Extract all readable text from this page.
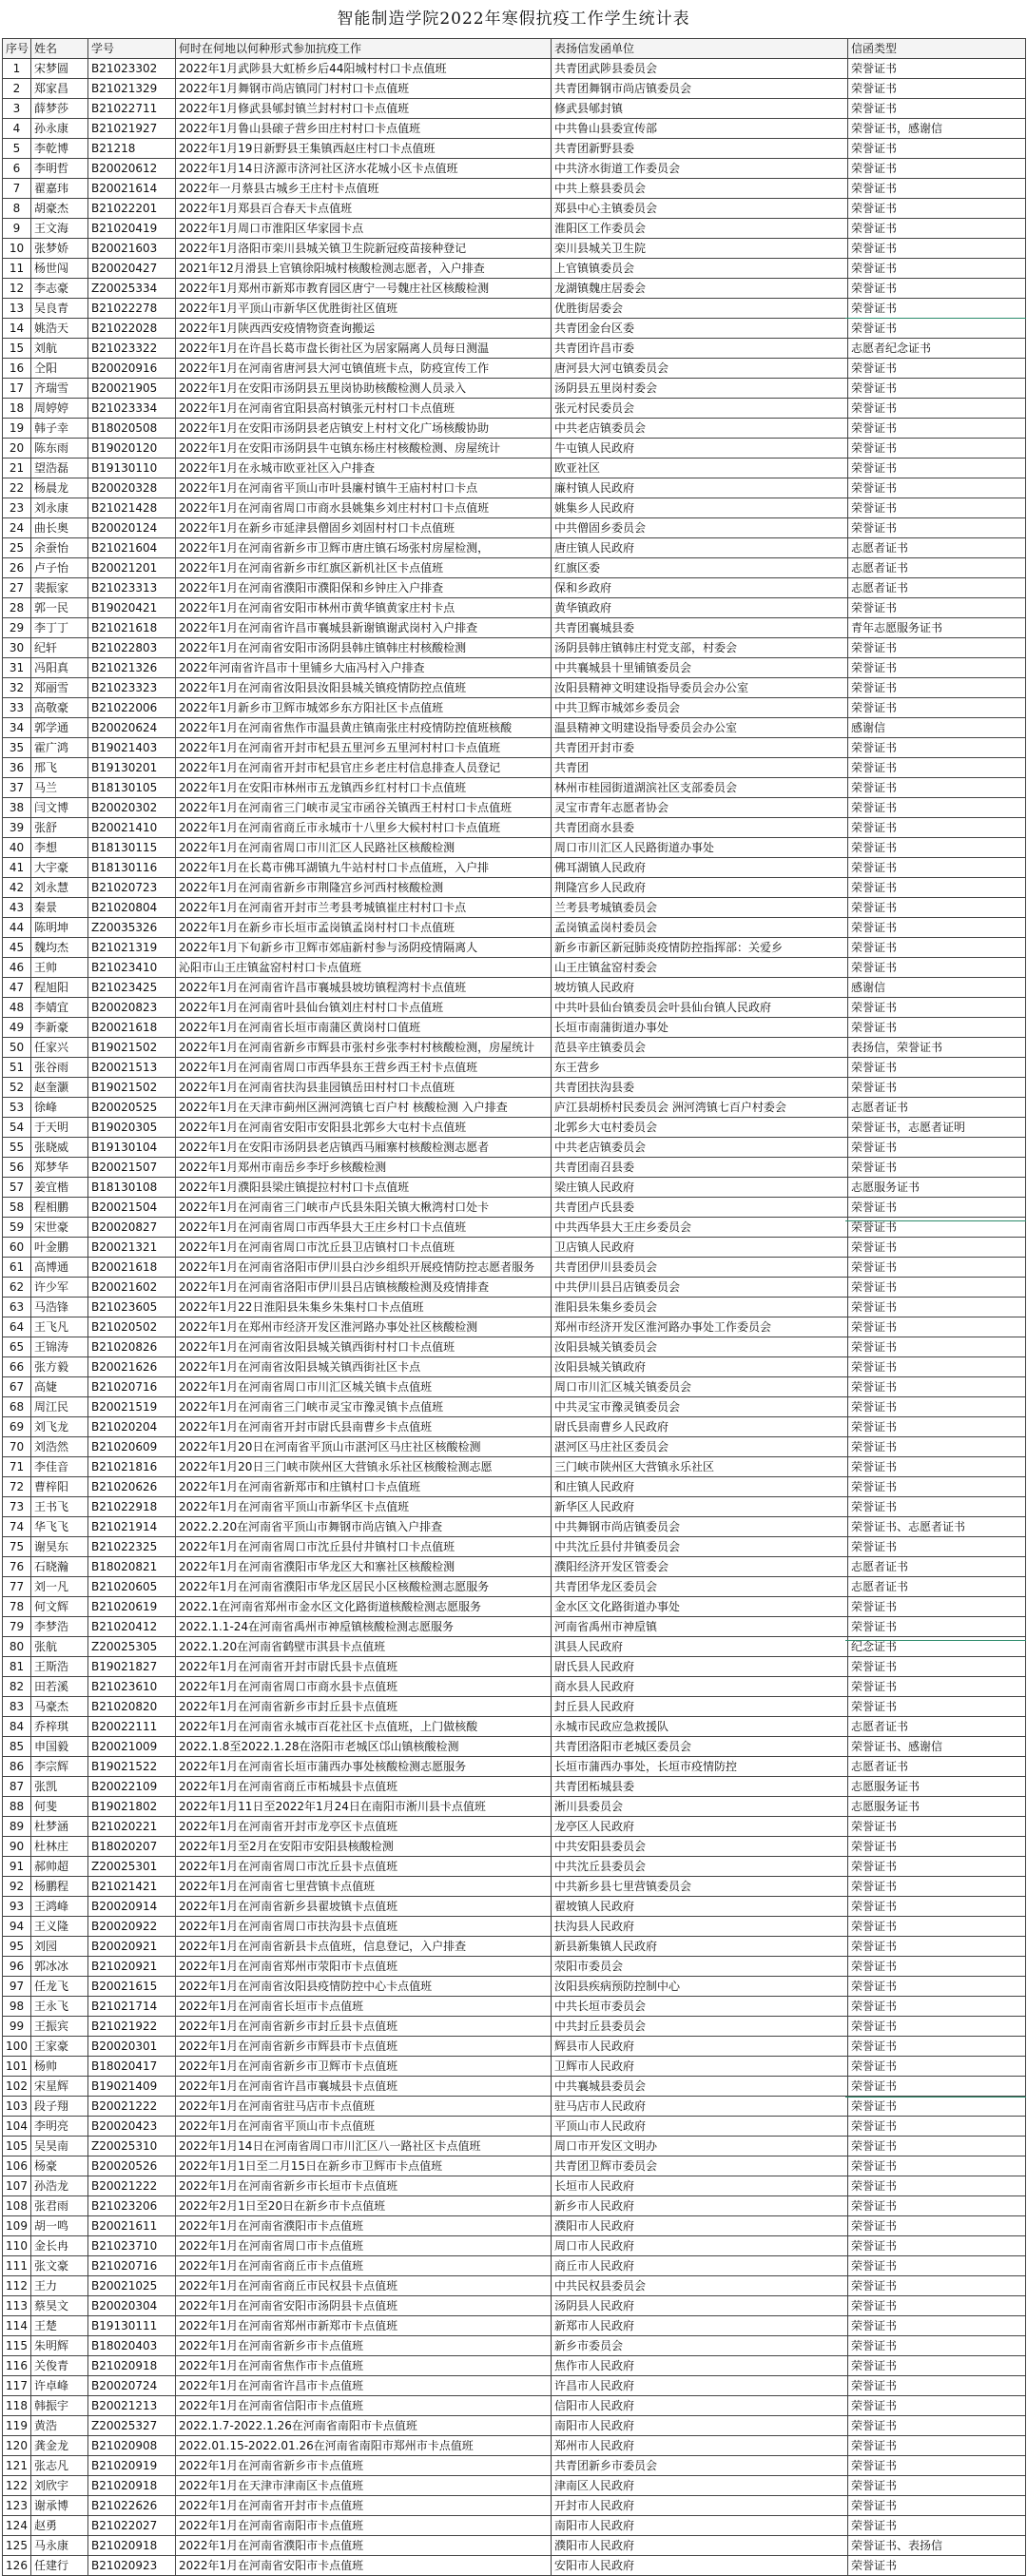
智能制造学院2022年寒假抗疫工作学生统计表
序号	姓名	学号	何时在何地以何种形式参加抗疫工作	表扬信发函单位	信函类型
1	宋梦圆	B21023302	2022年1月武陟县大虹桥乡后44阳城村村口卡点值班	共青团武陟县委员会	荣誉证书
2	郑家昌	B21021329	2022年1月舞钢市尚店镇同门村村口卡点值班	共青团舞钢市尚店镇委员会	荣誉证书
3	薛梦莎	B21022711	2022年1月修武县郇封镇兰封村村口卡点值班	修武县郇封镇	荣誉证书
4	孙永康	B21021927	2022年1月鲁山县磙子营乡田庄村村口卡点值班	中共鲁山县委宣传部	荣誉证书，感谢信
5	李乾博	B21218	2022年1月19日新野县王集镇西赵庄村口卡点值班	共青团新野县委	荣誉证书
6	李明哲	B20020612	2022年1月14日济源市济河社区济水花城小区卡点值班	中共济水街道工作委员会	荣誉证书
7	翟嘉玮	B20021614	2022年一月蔡县古城乡王庄村卡点值班	中共上蔡县委员会	荣誉证书
8	胡豪杰	B21022201	2022年1月郑县百合春天卡点值班	郑县中心主镇委员会	荣誉证书
9	王文海	B21020419	2022年1月周口市淮阳区华家园卡点	淮阳区工作委员会	荣誉证书
10	张梦娇	B20021603	2022年1月洛阳市栾川县城关镇卫生院新冠疫苗接种登记	栾川县城关卫生院	荣誉证书
11	杨世闯	B20020427	2021年12月滑县上官镇徐阳城村核酸检测志愿者，入户排查	上官镇镇委员会	荣誉证书
12	李志豪	Z20025334	2022年1月郑州市新郑市教育园区唐宁一号魏庄社区核酸检测	龙湖镇魏庄居委会	荣誉证书
13	吴良青	B21022278	2022年1月平顶山市新华区优胜街社区值班	优胜街居委会	荣誉证书
14	姚浩天	B21022028	2022年1月陕西西安疫情物资查询搬运	共青团金台区委	荣誉证书
15	刘航	B21023322	2022年1月在许昌长葛市盘长街社区为居家隔离人员每日测温	共青团许昌市委	志愿者纪念证书
16	仝阳	B20020916	2022年1月在河南省唐河县大河屯镇值班卡点，防疫宣传工作	唐河县大河屯镇委员会	荣誉证书
17	齐瑞雪	B20021905	2022年1月在安阳市汤阴县五里岗协助核酸检测人员录入	汤阴县五里岗村委会	荣誉证书
18	周婷婷	B21023334	2022年1月在河南省宜阳县高村镇张元村村口卡点值班	张元村民委员会	荣誉证书
19	韩子幸	B18020508	2022年1月在安阳市汤阴县老店镇安上村村文化广场核酸协助	中共老店镇委员会	荣誉证书
20	陈东雨	B19020120	2022年1月在安阳市汤阴县牛屯镇东杨庄村核酸检测、房屋统计	牛屯镇人民政府	荣誉证书
21	望浩磊	B19130110	2022年1月在永城市欧亚社区入户排查	欧亚社区	荣誉证书
22	杨晨龙	B20020328	2022年1月在河南省平顶山市叶县廉村镇牛王庙村村口卡点	廉村镇人民政府	荣誉证书
23	刘永康	B21021428	2022年1月在河南省周口市商水县姚集乡刘庄村村口卡点值班	姚集乡人民政府	荣誉证书
24	曲长奥	B20020124	2022年1月在新乡市延津县僧固乡刘固村村口卡点值班	中共僧固乡委员会	荣誉证书
25	余蚕怡	B21021604	2022年1月在河南省新乡市卫辉市唐庄镇石场张村房屋检测，	唐庄镇人民政府	志愿者证书
26	卢子怡	B20021201	2022年1月在河南省新乡市红旗区新机社区卡点值班	红旗区委	志愿者证书
27	裴振家	B21023313	2022年1月在河南省濮阳市濮阳保和乡钟庄入户排查	保和乡政府	志愿者证书
28	郭一民	B19020421	2022年1月在河南省安阳市林州市黄华镇黄家庄村卡点	黄华镇政府	荣誉证书
29	李丁丁	B21021618	2022年1月在河南省许昌市襄城县新谢镇谢武岗村入户排查	共青团襄城县委	青年志愿服务证书
30	纪轩	B21022803	2022年1月在河南省安阳市汤阴县韩庄镇韩庄村核酸检测	汤阴县韩庄镇韩庄村党支部，村委会	荣誉证书
31	冯阳真	B21021326	2022年河南省许昌市十里铺乡大庙冯村入户排查	中共襄城县十里铺镇委员会	荣誉证书
32	郑丽雪	B21023323	2022年1月在河南省汝阳县汝阳县城关镇疫情防控点值班	汝阳县精神文明建设指导委员会办公室	荣誉证书
33	高敬豪	B21022006	2022年1月新乡市卫辉市城郊乡东方阳社区卡点值班	中共卫辉市城郊乡委员会	荣誉证书
34	郭学通	B20020624	2022年1月在河南省焦作市温县黄庄镇南张庄村疫情防控值班核酸	温县精神文明建设指导委员会办公室	感谢信
35	霍广鸿	B19021403	2022年1月在河南省开封市杞县五里河乡五里河村村口卡点值班	共青团开封市委	荣誉证书
36	邢飞	B19130201	2022年1月在河南省开封市杞县官庄乡老庄村信息排查人员登记	共青团	荣誉证书
37	马兰	B18130105	2022年1月在安阳市林州市五龙镇西乡红村村口卡点值班	林州市桂园街道湖滨社区支部委员会	荣誉证书
38	闫文博	B20020302	2022年1月在河南省三门峡市灵宝市函谷关镇西王村村口卡点值班	灵宝市青年志愿者协会	荣誉证书
39	张舒	B20021410	2022年1月在河南省商丘市永城市十八里乡大候村村口卡点值班	共青团商水县委	荣誉证书
40	李想	B18130115	2022年1月在河南省周口市川汇区人民路社区核酸检测	周口市川汇区人民路街道办事处	荣誉证书
41	大宇豪	B18130116	2022年1月在长葛市佛耳湖镇九牛站村村口卡点值班，入户排	佛耳湖镇人民政府	荣誉证书
42	刘永慧	B21020723	2022年1月在河南省新乡市荆隆宫乡河西村核酸检测	荆隆宫乡人民政府	荣誉证书
43	秦景	B21020804	2022年1月在河南省开封市兰考县考城镇崔庄村村口卡点	兰考县考城镇委员会	荣誉证书
44	陈明坤	Z20035326	2022年1月在新乡市长垣市孟岗镇孟岗村村口卡点值班	孟岗镇孟岗村委员会	荣誉证书
45	魏均杰	B21021319	2022年1月下旬新乡市卫辉市郊庙新村参与汤阴疫情隔离人	新乡市新区新冠肺炎疫情防控指挥部：关爱乡	荣誉证书
46	王帅	B21023410	沁阳市山王庄镇盆窑村村口卡点值班	山王庄镇盆窑村委会	荣誉证书
47	程旭阳	B21023425	2022年1月在河南省许昌市襄城县坡坊镇程湾村卡点值班	坡坊镇人民政府	感谢信
48	李婧宜	B20020823	2022年1月在河南省叶县仙台镇刘庄村村口卡点值班	中共叶县仙台镇委员会叶县仙台镇人民政府	荣誉证书
49	李新豪	B20021618	2022年1月在河南省长垣市南蒲区黄岗村口值班	长垣市南蒲街道办事处	荣誉证书
50	任家兴	B19021502	2022年1月在河南省新乡市辉县市张村乡张李村村核酸检测，房屋统计	范县辛庄镇委员会	表扬信，荣誉证书
51	张谷雨	B20021513	2022年1月在河南省周口市西华县东王营乡西王村卡点值班	东王营乡	荣誉证书
52	赵奎灏	B19021502	2022年1月在河南省扶沟县韭园镇岳田村村口卡点值班	共青团扶沟县委	荣誉证书
53	徐峰	B20020525	2022年1月在天津市蓟州区洲河湾镇七百户村 核酸检测 入户排查	庐江县胡桥村民委员会 洲河湾镇七百户村委会	志愿者证书
54	于天明	B19020305	2022年1月在河南省安阳市安阳县北郭乡大屯村卡点值班	北郭乡大屯村委员会	荣誉证书，志愿者证明
55	张晓威	B19130104	2022年1月在安阳市汤阴县老店镇西马厢寨村核酸检测志愿者	中共老店镇委员会	荣誉证书
56	郑梦华	B20021507	2022年1月郑州市南岳乡李圩乡核酸检测	共青团南召县委	荣誉证书
57	姜宜楷	B18130108	2022年1月濮阳县梁庄镇提拉村村口卡点值班	梁庄镇人民政府	志愿服务证书
58	程相鹏	B20021504	2022年1月在河南省三门峡市卢氏县朱阳关镇大楸湾村口处卡	共青团卢氏县委	荣誉证书
59	宋世豪	B20020827	2022年1月在河南省周口市西华县大王庄乡村口卡点值班	中共西华县大王庄乡委员会	荣誉证书
60	叶金鹏	B20021321	2022年1月在河南省周口市沈丘县卫店镇村口卡点值班	卫店镇人民政府	荣誉证书
61	高博通	B20021618	2022年1月在河南省洛阳市伊川县白沙乡组织开展疫情防控志愿者服务	共青团伊川县委员会	荣誉证书
62	许少军	B20021602	2022年1月在河南省洛阳市伊川县吕店镇核酸检测及疫情排查	中共伊川县吕店镇委员会	荣誉证书
63	马浩锋	B21023605	2022年1月22日淮阳县朱集乡朱集村口卡点值班	淮阳县朱集乡委员会	荣誉证书
64	王飞凡	B21020502	2022年1月在郑州市经济开发区淮河路办事处社区核酸检测	郑州市经济开发区淮河路办事处工作委员会	荣誉证书
65	王锦涛	B21020826	2022年1月在河南省汝阳县城关镇西街村村口卡点值班	汝阳县城关镇委员会	荣誉证书
66	张方毅	B20021626	2022年1月在河南省汝阳县城关镇西街社区卡点	汝阳县城关镇政府	荣誉证书
67	高婕	B21020716	2022年1月在河南省周口市川汇区城关镇卡点值班	周口市川汇区城关镇委员会	荣誉证书
68	周江民	B20021519	2022年1月在河南省三门峡市灵宝市豫灵镇卡点值班	中共灵宝市豫灵镇委员会	荣誉证书
69	刘飞龙	B21020204	2022年1月在河南省开封市尉氏县南曹乡卡点值班	尉氏县南曹乡人民政府	荣誉证书
70	刘浩然	B21020609	2022年1月20日在河南省平顶山市湛河区马庄社区核酸检测	湛河区马庄社区委员会	荣誉证书
71	李佳音	B21021816	2022年1月20日三门峡市陕州区大营镇永乐社区核酸检测志愿	三门峡市陕州区大营镇永乐社区	荣誉证书
72	曹梓阳	B21020626	2022年1月在河南省新郑市和庄镇村口卡点值班	和庄镇人民政府	荣誉证书
73	王书飞	B21022918	2022年1月在河南省平顶山市新华区卡点值班	新华区人民政府	荣誉证书
74	华飞飞	B21021914	2022.2.20在河南省平顶山市舞钢市尚店镇入户排查	中共舞钢市尚店镇委员会	荣誉证书、志愿者证书
75	谢昊东	B21022325	2022年1月在河南省周口市沈丘县付井镇村口卡点值班	中共沈丘县付井镇委员会	荣誉证书
76	石晓瀚	B18020821	2022年1月在河南省濮阳市华龙区大和寨社区核酸检测	濮阳经济开发区管委会	志愿者证书
77	刘一凡	B21020605	2022年1月在河南省濮阳市华龙区居民小区核酸检测志愿服务	共青团华龙区委员会	志愿者证书
78	何文辉	B21020619	2022.1在河南省郑州市金水区文化路街道核酸检测志愿服务	金水区文化路街道办事处	荣誉证书
79	李梦浩	B21020412	2022.1.1-24在河南省禹州市神垕镇核酸检测志愿服务	河南省禹州市神垕镇	荣誉证书
80	张航	Z20025305	2022.1.20在河南省鹤壁市淇县卡点值班	淇县人民政府	纪念证书
81	王斯浩	B19021827	2022年1月在河南省开封市尉氏县卡点值班	尉氏县人民政府	荣誉证书
82	田若溪	B21023610	2022年1月在河南省周口市商水县卡点值班	商水县人民政府	荣誉证书
83	马豪杰	B21020820	2022年1月在河南省新乡市封丘县卡点值班	封丘县人民政府	荣誉证书
84	乔梓琪	B20022111	2022年1月在河南省永城市百花社区卡点值班，上门做核酸	永城市民政应急救援队	志愿者证书
85	申国毅	B20021009	2022.1.8至2022.1.28在洛阳市老城区邙山镇核酸检测	共青团洛阳市老城区委员会	荣誉证书、感谢信
86	李宗辉	B19021522	2022年1月在河南省长垣市蒲西办事处核酸检测志愿服务	长垣市蒲西办事处，长垣市疫情防控	志愿者证书
87	张凯	B20022109	2022年1月在河南省商丘市柘城县卡点值班	共青团柘城县委	志愿服务证书
88	何斐	B19021802	2022年1月11日至2022年1月24日在南阳市淅川县卡点值班	淅川县委员会	志愿服务证书
89	杜梦涵	B21020221	2022年1月在河南省开封市龙亭区卡点值班	龙亭区人民政府	荣誉证书
90	杜林庄	B18020207	2022年1月至2月在安阳市安阳县核酸检测	中共安阳县委员会	荣誉证书
91	郝帅超	Z20025301	2022年1月在河南省周口市沈丘县卡点值班	中共沈丘县委员会	荣誉证书
92	杨鹏程	B21021421	2022年1月在河南省七里营镇卡点值班	中共新乡县七里营镇委员会	荣誉证书
93	王鸿峰	B20020914	2022年1月在河南省新乡县翟坡镇卡点值班	翟坡镇人民政府	荣誉证书
94	王义隆	B20020922	2022年1月在河南省周口市扶沟县卡点值班	扶沟县人民政府	荣誉证书
95	刘园	B20020921	2022年1月在河南省新县卡点值班，信息登记，入户排查	新县新集镇人民政府	荣誉证书
96	郭冰冰	B21020921	2022年1月在河南省郑州市荥阳市卡点值班	荥阳市委员会	荣誉证书
97	任龙飞	B20021615	2022年1月在河南省汝阳县疫情防控中心卡点值班	汝阳县疾病预防控制中心	荣誉证书
98	王永飞	B21021714	2022年1月在河南省长垣市卡点值班	中共长垣市委员会	荣誉证书
99	王振宾	B21021922	2022年1月在河南省新乡市封丘县卡点值班	中共封丘县委员会	荣誉证书
100	王家豪	B20020301	2022年1月在河南省新乡市辉县市卡点值班	辉县市人民政府	荣誉证书
101	杨帅	B18020417	2022年1月在河南省新乡市卫辉市卡点值班	卫辉市人民政府	荣誉证书
102	宋星辉	B19021409	2022年1月在河南省许昌市襄城县卡点值班	中共襄城县委员会	荣誉证书
103	段子翔	B20021222	2022年1月在河南省驻马店市卡点值班	驻马店市人民政府	荣誉证书
104	李明亮	B20020423	2022年1月在河南省平顶山市卡点值班	平顶山市人民政府	荣誉证书
105	吴昊南	Z20025310	2022年1月14日在河南省周口市川汇区八一路社区卡点值班	周口市开发区文明办	荣誉证书
106	杨豪	B20020526	2022年1月1日至二月15日在新乡市卫辉市卡点值班	共青团卫辉市委员会	荣誉证书
107	孙浩龙	B20021222	2022年1月在河南省新乡市长垣市卡点值班	长垣市人民政府	荣誉证书
108	张君雨	B21023206	2022年2月1日至20日在新乡市卡点值班	新乡市人民政府	荣誉证书
109	胡一鸣	B20021611	2022年1月在河南省濮阳市卡点值班	濮阳市人民政府	荣誉证书
110	金长冉	B21023710	2022年1月在河南省周口市卡点值班	周口市人民政府	荣誉证书
111	张文豪	B21020716	2022年1月在河南省商丘市卡点值班	商丘市人民政府	荣誉证书
112	王力	B20021025	2022年1月在河南省商丘市民权县卡点值班	中共民权县委员会	荣誉证书
113	蔡昊文	B20020304	2022年1月在河南省安阳市汤阴县卡点值班	汤阴县人民政府	荣誉证书
114	王楚	B19130111	2022年1月在河南省郑州市新郑市卡点值班	新郑市人民政府	荣誉证书
115	朱明辉	B18020403	2022年1月在河南省新乡市卡点值班	新乡市委员会	荣誉证书
116	关俊青	B21020918	2022年1月在河南省焦作市卡点值班	焦作市人民政府	荣誉证书
117	许卓峰	B20020724	2022年1月在河南省许昌市卡点值班	许昌市人民政府	荣誉证书
118	韩振宇	B20021213	2022年1月在河南省信阳市卡点值班	信阳市人民政府	荣誉证书
119	黄浩	Z20025327	2022.1.7-2022.1.26在河南省南阳市卡点值班	南阳市人民政府	荣誉证书
120	龚金龙	B21020908	2022.01.15-2022.01.26在河南省南阳市郑州市卡点值班	郑州市人民政府	荣誉证书
121	张志凡	B21020919	2022年1月在河南省新乡市卡点值班	共青团新乡市委员会	荣誉证书
122	刘欣宇	B21020918	2022年1月在天津市津南区卡点值班	津南区人民政府	荣誉证书
123	谢承博	B21022626	2022年1月在河南省开封市卡点值班	开封市人民政府	荣誉证书
124	赵勇	B21022027	2022年1月在河南省南阳市卡点值班	南阳市人民政府	荣誉证书
125	马永康	B21020918	2022年1月在河南省濮阳市卡点值班	濮阳市人民政府	荣誉证书、表扬信
126	任建行	B21020923	2022年1月在河南省安阳市卡点值班	安阳市人民政府	荣誉证书
